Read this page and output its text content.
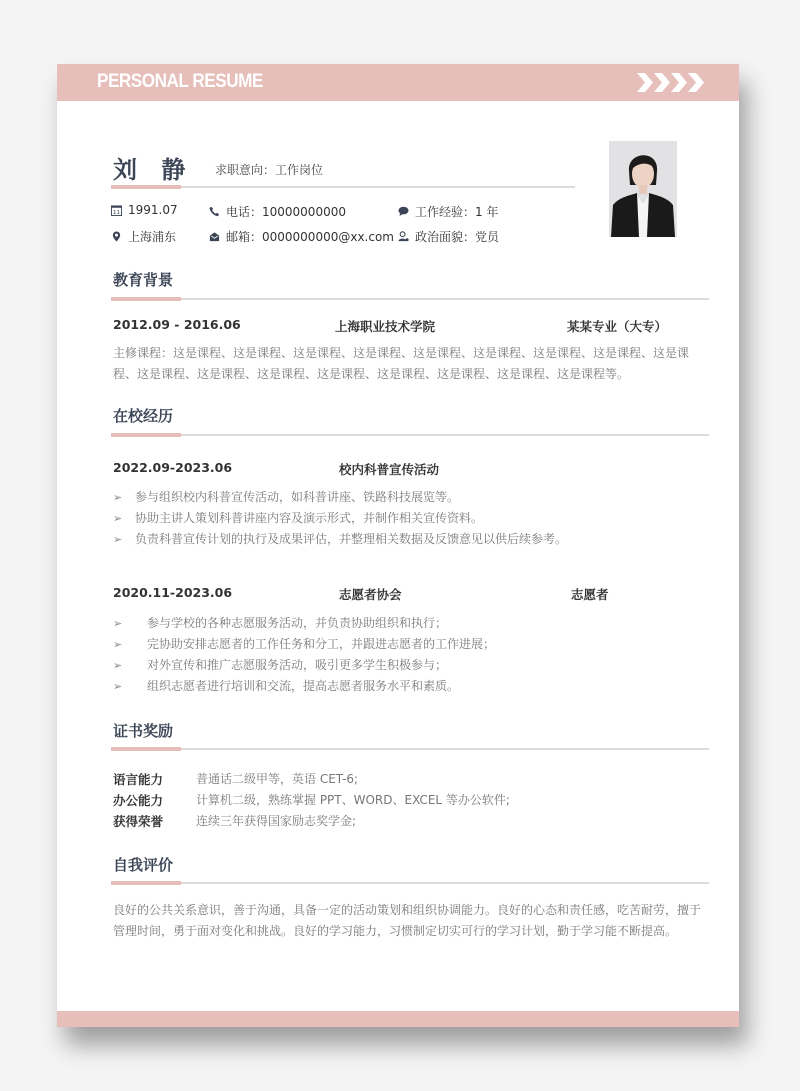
PERSONAL RESUME
刘 静 求职意向：工作岗位
11 1991.07
上海浦东
电话：10000000000
邮箱：0000000000@xx.com
工作经验：1 年
政治面貌：党员
教育背景
2012.09 - 2016.06	上海职业技术学院	某某专业（大专）
主修课程：这是课程、这是课程、这是课程、这是课程、这是课程、这是课程、这是课程、这是课程、这是课程、这是课程、这是课程、这是课程、这是课程、这是课程、这是课程、这是课程、这是课程等。
在校经历
2022.09-2023.06	校内科普宣传活动
➢ 参与组织校内科普宣传活动，如科普讲座、铁路科技展览等。
➢ 协助主讲人策划科普讲座内容及演示形式，并制作相关宣传资料。
➢ 负责科普宣传计划的执行及成果评估，并整理相关数据及反馈意见以供后续参考。
2020.11-2023.06	志愿者协会	志愿者
➢ 参与学校的各种志愿服务活动，并负责协助组织和执行；
➢ 完协助安排志愿者的工作任务和分工，并跟进志愿者的工作进展；
➢ 对外宣传和推广志愿服务活动，吸引更多学生积极参与；
➢ 组织志愿者进行培训和交流，提高志愿者服务水平和素质。
证书奖励
语言能力	普通话二级甲等，英语 CET-6;
办公能力	计算机二级，熟练掌握 PPT、WORD、EXCEL 等办公软件;
获得荣誉	连续三年获得国家励志奖学金;
自我评价
良好的公共关系意识，善于沟通，具备一定的活动策划和组织协调能力。良好的心态和责任感，吃苦耐劳，擅于管理时间，勇于面对变化和挑战。良好的学习能力，习惯制定切实可行的学习计划，勤于学习能不断提高。
